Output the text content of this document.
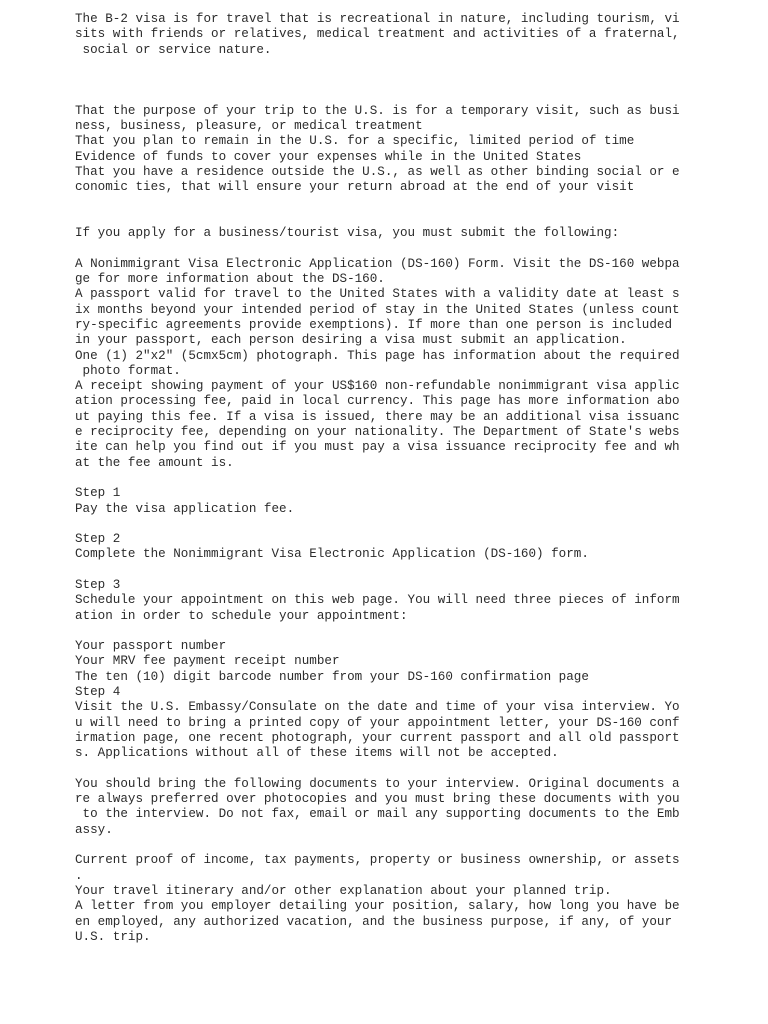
The B-2 visa is for travel that is recreational in nature, including tourism, vi
sits with friends or relatives, medical treatment and activities of a fraternal,
social or service nature.
That the purpose of your trip to the U.S. is for a temporary visit, such as busi
ness, business, pleasure, or medical treatment
That you plan to remain in the U.S. for a specific, limited period of time
Evidence of funds to cover your expenses while in the United States
That you have a residence outside the U.S., as well as other binding social or e
conomic ties, that will ensure your return abroad at the end of your visit
If you apply for a business/tourist visa, you must submit the following:
A Nonimmigrant Visa Electronic Application (DS-160) Form. Visit the DS-160 webpa
ge for more information about the DS-160.
A passport valid for travel to the United States with a validity date at least s
ix months beyond your intended period of stay in the United States (unless count
ry-specific agreements provide exemptions). If more than one person is included
in your passport, each person desiring a visa must submit an application.
One (1) 2"x2" (5cmx5cm) photograph. This page has information about the required
photo format.
A receipt showing payment of your US$160 non-refundable nonimmigrant visa applic
ation processing fee, paid in local currency. This page has more information abo
ut paying this fee. If a visa is issued, there may be an additional visa issuanc
e reciprocity fee, depending on your nationality. The Department of State's webs
ite can help you find out if you must pay a visa issuance reciprocity fee and wh
at the fee amount is.
Step 1
Pay the visa application fee.
Step 2
Complete the Nonimmigrant Visa Electronic Application (DS-160) form.
Step 3
Schedule your appointment on this web page. You will need three pieces of inform
ation in order to schedule your appointment:
Your passport number
Your MRV fee payment receipt number
The ten (10) digit barcode number from your DS-160 confirmation page
Step 4
Visit the U.S. Embassy/Consulate on the date and time of your visa interview. Yo
u will need to bring a printed copy of your appointment letter, your DS-160 conf
irmation page, one recent photograph, your current passport and all old passport
s. Applications without all of these items will not be accepted.
You should bring the following documents to your interview. Original documents a
re always preferred over photocopies and you must bring these documents with you
to the interview. Do not fax, email or mail any supporting documents to the Emb
assy.
Current proof of income, tax payments, property or business ownership, or assets
.
Your travel itinerary and/or other explanation about your planned trip.
A letter from you employer detailing your position, salary, how long you have be
en employed, any authorized vacation, and the business purpose, if any, of your
U.S. trip.
